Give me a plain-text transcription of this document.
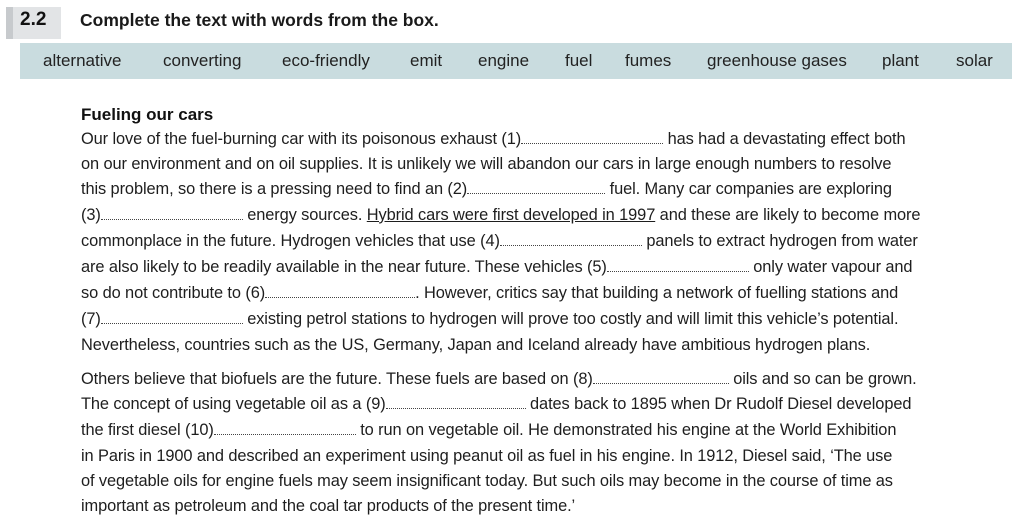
2.2 Complete the text with words from the box.
alternative converting eco-friendly emit engine fuel fumes greenhouse gases plant solar
Fueling our cars
Our love of the fuel-burning car with its poisonous exhaust (1)	has had a devastating effect both
on our environment and on oil supplies. It is unlikely we will abandon our cars in large enough numbers to resolve
this problem, so there is a pressing need to find an (2)	fuel. Many car companies are exploring
(3)	energy sources. Hybrid cars were first developed in 1997 and these are likely to become more
commonplace in the future. Hydrogen vehicles that use (4)	panels to extract hydrogen from water
are also likely to be readily available in the near future. These vehicles (5)	only water vapour and
so do not contribute to (6)	. However, critics say that building a network of fuelling stations and
(7)	existing petrol stations to hydrogen will prove too costly and will limit this vehicle’s potential.
Nevertheless, countries such as the US, Germany, Japan and Iceland already have ambitious hydrogen plans.
Others believe that biofuels are the future. These fuels are based on (8)	oils and so can be grown.
The concept of using vegetable oil as a (9)	dates back to 1895 when Dr Rudolf Diesel developed
the first diesel (10)	to run on vegetable oil. He demonstrated his engine at the World Exhibition
in Paris in 1900 and described an experiment using peanut oil as fuel in his engine. In 1912, Diesel said, ‘The use
of vegetable oils for engine fuels may seem insignificant today. But such oils may become in the course of time as
important as petroleum and the coal tar products of the present time.’
